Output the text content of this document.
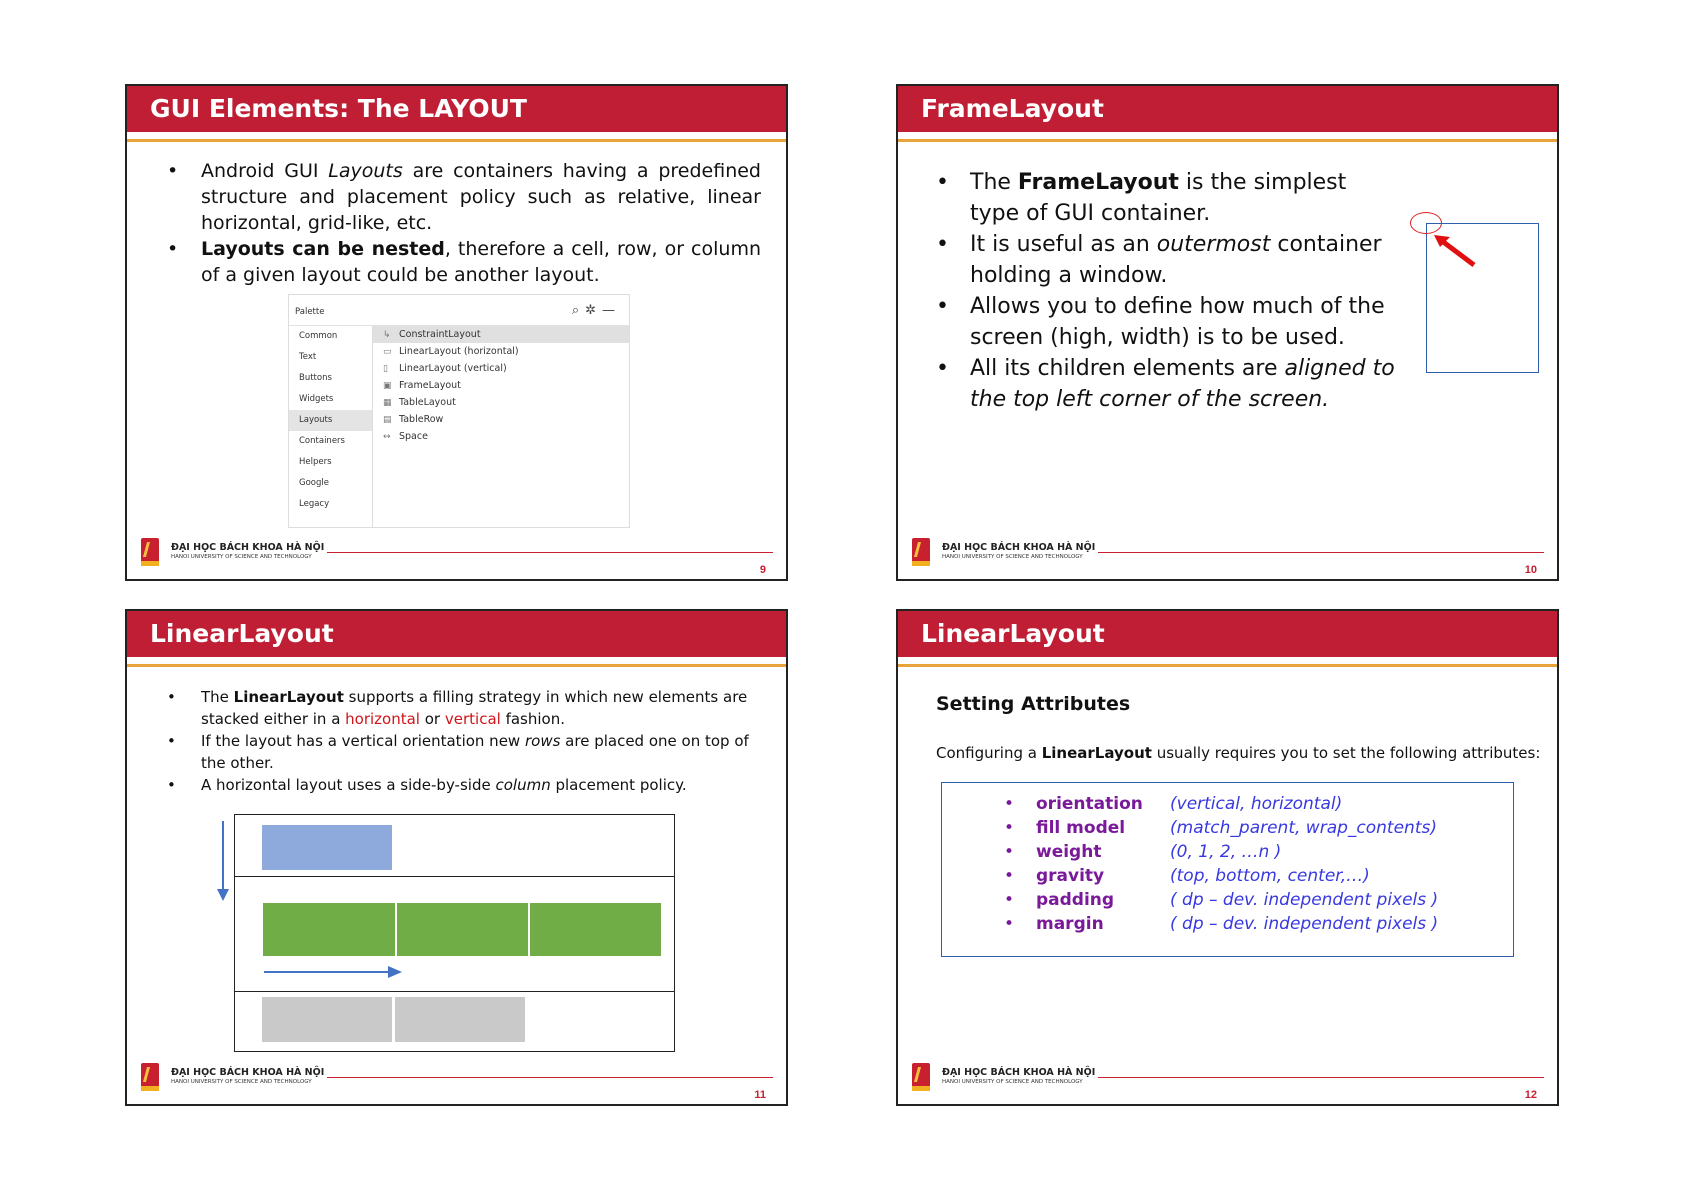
GUI Elements: The LAYOUT
• Android GUI Layouts are containers having a predefined structure and placement policy such as relative, linear horizontal, grid-like, etc.
• Layouts can be nested, therefore a cell, row, or column of a given layout could be another layout.
Palette	⌕✲—
Common
Text
Buttons
Widgets
Layouts
Containers
Helpers
Google
Legacy
↳ ConstraintLayout
▭ LinearLayout (horizontal)
▯ LinearLayout (vertical)
▣ FrameLayout
▦ TableLayout
▤ TableRow
↔ Space
ĐẠI HỌC BÁCH KHOA HÀ NỘI
HANOI UNIVERSITY OF SCIENCE AND TECHNOLOGY
9
FrameLayout
• The FrameLayout is the simplest type of GUI container.
• It is useful as an outermost container holding a window.
• Allows you to define how much of the screen (high, width) is to be used.
• All its children elements are aligned to the top left corner of the screen.
ĐẠI HỌC BÁCH KHOA HÀ NỘI
HANOI UNIVERSITY OF SCIENCE AND TECHNOLOGY
10
LinearLayout
• The LinearLayout supports a filling strategy in which new elements are stacked either in a horizontal or vertical fashion.
• If the layout has a vertical orientation new rows are placed one on top of the other.
• A horizontal layout uses a side-by-side column placement policy.
ĐẠI HỌC BÁCH KHOA HÀ NỘI
HANOI UNIVERSITY OF SCIENCE AND TECHNOLOGY
11
LinearLayout
Setting Attributes
Configuring a LinearLayout usually requires you to set the following attributes:
• orientation (vertical, horizontal)
• fill model	(match_parent, wrap_contents)
• weight	(0, 1, 2, …n )
• gravity	(top, bottom, center,…)
• padding	( dp – dev. independent pixels )
• margin	( dp – dev. independent pixels )
ĐẠI HỌC BÁCH KHOA HÀ NỘI
HANOI UNIVERSITY OF SCIENCE AND TECHNOLOGY
12
